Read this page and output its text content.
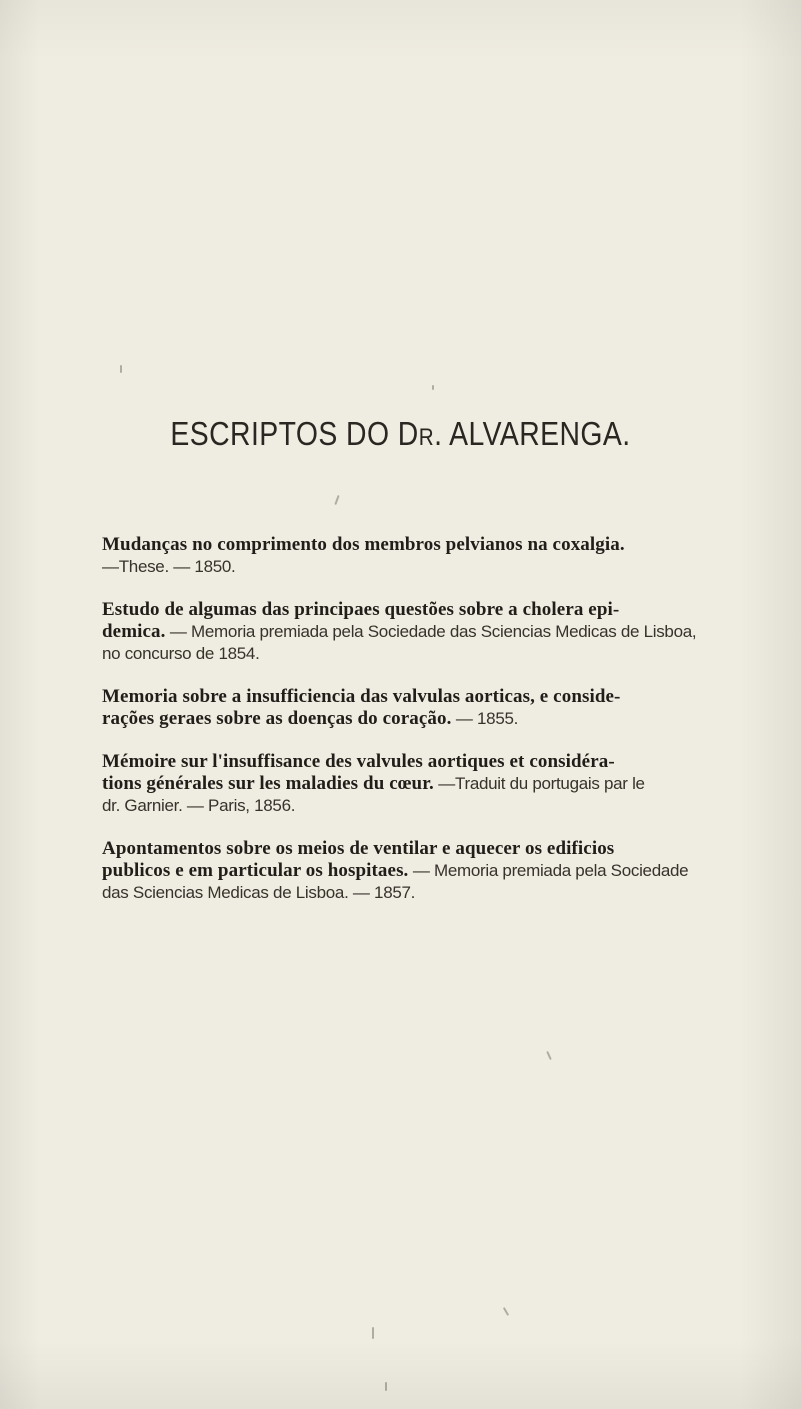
ESCRIPTOS DO DR. ALVARENGA.
Mudanças no comprimento dos membros pelvianos na coxalgia.
—These. — 1850.
Estudo de algumas das principaes questões sobre a cholera epi-
demica. — Memoria premiada pela Sociedade das Sciencias Medicas de Lisboa,
no concurso de 1854.
Memoria sobre a insufficiencia das valvulas aorticas, e conside-
rações geraes sobre as doenças do coração. — 1855.
Mémoire sur l'insuffisance des valvules aortiques et considéra-
tions générales sur les maladies du cœur. —Traduit du portugais par le
dr. Garnier. — Paris, 1856.
Apontamentos sobre os meios de ventilar e aquecer os edificios
publicos e em particular os hospitaes. — Memoria premiada pela Sociedade
das Sciencias Medicas de Lisboa. — 1857.
